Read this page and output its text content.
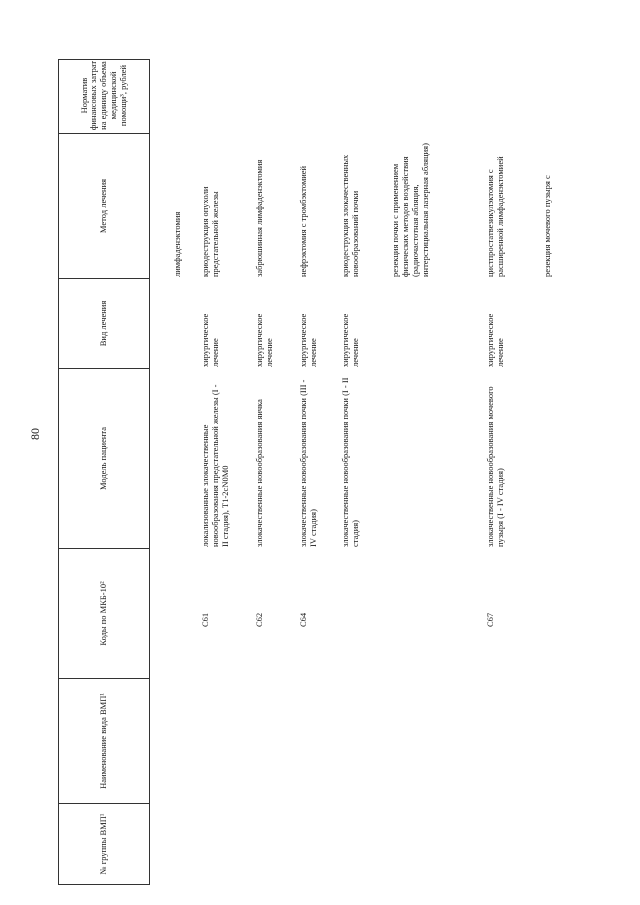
80
№ группы ВМП¹
Наименование вида ВМП¹
Коды по МКБ-10²
Модель пациента
Вид лечения
Метод лечения
Норматив финансовых затрат на единицу объема медицинской помощи³, рублей
лимфаденэктомия
C61
локализованные злокачественные новообразования предстательной железы (I - II стадия), T1-2cN0M0
хирургическое лечение
криодеструкция опухоли предстательной железы
C62
злокачественные новообразования яичка
хирургическое лечение
забрюшинная лимфаденэктомия
C64
злокачественные новообразования почки (III - IV стадия)
хирургическое лечение
нефрэктомия с тромбэктомией
злокачественные новообразования почки (I - II стадия)
хирургическое лечение
криодеструкция злокачественных новообразований почки	резекция почки с применением физических методов воздействия (радиочастотная абляция, интерстициальная лазерная абляция)
C67
злокачественные новообразования мочевого пузыря (I - IV стадия)
хирургическое лечение
цистпростатвезикулэктомия с расширенной лимфаденэктомией	резекция мочевого пузыря с
